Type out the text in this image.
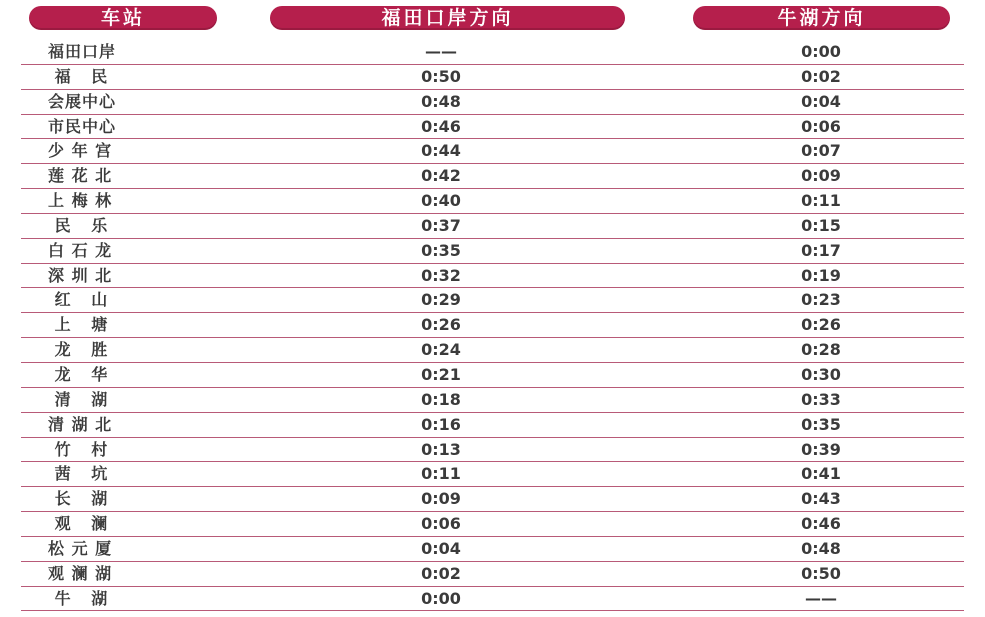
车站	福田口岸方向	牛湖方向
福田口岸	——	0:00
福   民	0:50	0:02
会展中心	0:48	0:04
市民中心	0:46	0:06
少 年 宫	0:44	0:07
莲 花 北	0:42	0:09
上 梅 林	0:40	0:11
民   乐	0:37	0:15
白 石 龙	0:35	0:17
深 圳 北	0:32	0:19
红   山	0:29	0:23
上   塘	0:26	0:26
龙   胜	0:24	0:28
龙   华	0:21	0:30
清   湖	0:18	0:33
清 湖 北	0:16	0:35
竹   村	0:13	0:39
茜   坑	0:11	0:41
长   湖	0:09	0:43
观   澜	0:06	0:46
松 元 厦	0:04	0:48
观 澜 湖	0:02	0:50
牛   湖	0:00	——
